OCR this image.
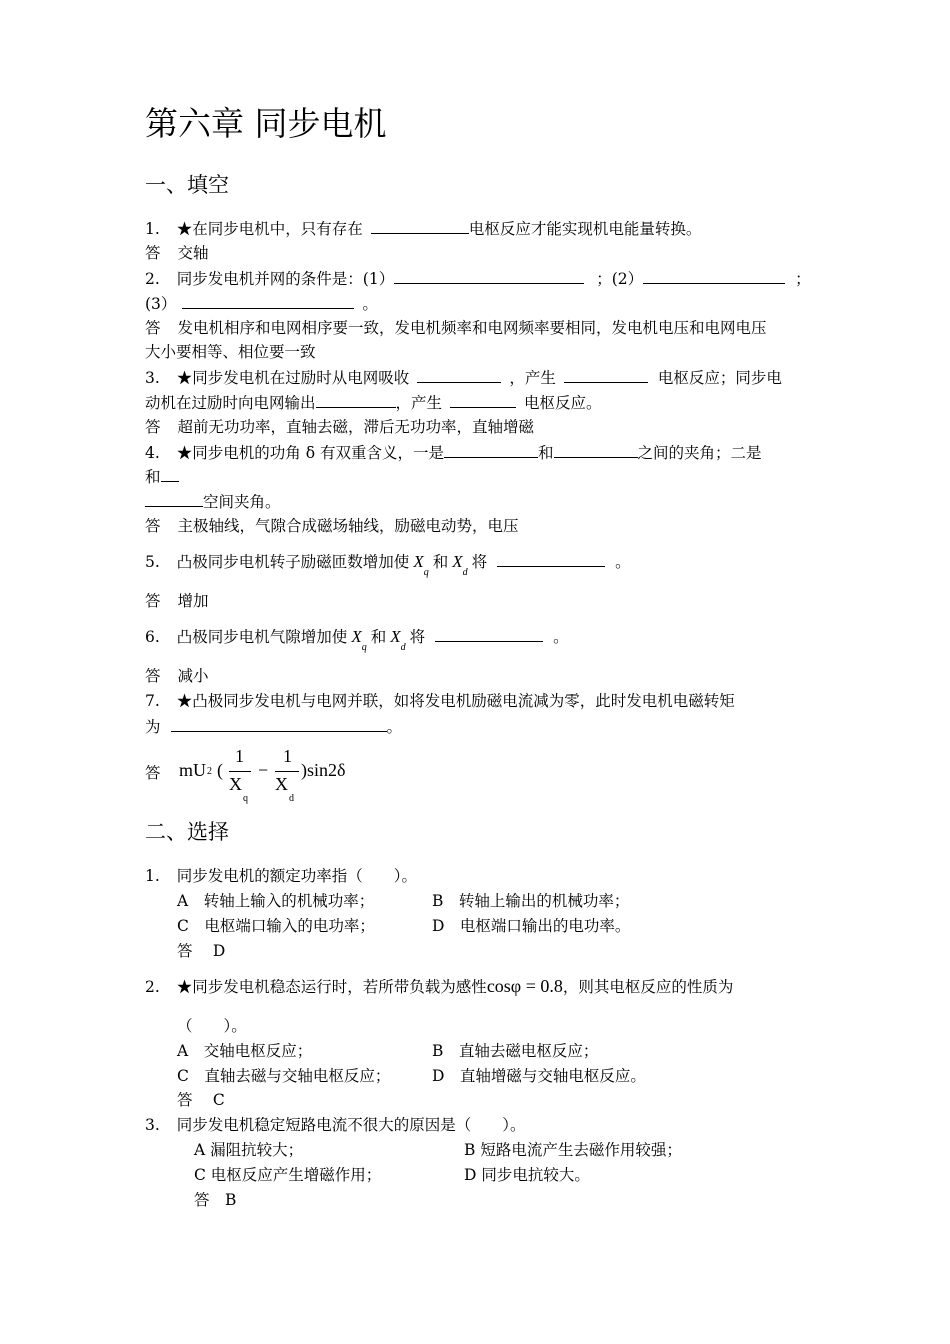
第六章 同步电机
一、填空
1. ★在同步电机中，只有存在	电枢反应才能实现机电能量转换。
答 交轴
2. 同步发电机并网的条件是：(1）	；(2）	；
(3）	。
答 发电机相序和电网相序要一致，发电机频率和电网频率要相同，发电机电压和电网电压
大小要相等、相位要一致
3. ★同步发电机在过励时从电网吸收	，产生	电枢反应；同步电
动机在过励时向电网输出	，产生	电枢反应。
答 超前无功功率，直轴去磁，滞后无功功率，直轴增磁
4. ★同步电机的功角 δ 有双重含义，一是	和	之间的夹角；二是
和
空间夹角。
答 主极轴线，气隙合成磁场轴线，励磁电动势，电压
5. 凸极同步电机转子励磁匝数增加使 $X_q$和 $X_d$将	。
答 增加
6. 凸极同步电机气隙增加使 $X_q$和 $X_d$将	。
答 减小
7. ★凸极同步发电机与电网并联，如将发电机励磁电流减为零，此时发电机电磁转矩
为	。
答 mU 2 (
1
X
q
−
1
X
d
)sin2δ
二、选择
1. 同步发电机的额定功率指（　　）。
A　转轴上输入的机械功率；	B　转轴上输出的机械功率；
C　电枢端口输入的电功率；	D　电枢端口输出的电功率。
答　 D
2. ★同步发电机稳态运行时，若所带负载为感性cosφ = 0.8，则其电枢反应的性质为
（　　）。
A　交轴电枢反应；	B　直轴去磁电枢反应；
C　直轴去磁与交轴电枢反应；	D　直轴增磁与交轴电枢反应。
答　 C
3. 同步发电机稳定短路电流不很大的原因是（　　）。
A 漏阻抗较大；	B 短路电流产生去磁作用较强；
C 电枢反应产生增磁作用；	D 同步电抗较大。
答　B
